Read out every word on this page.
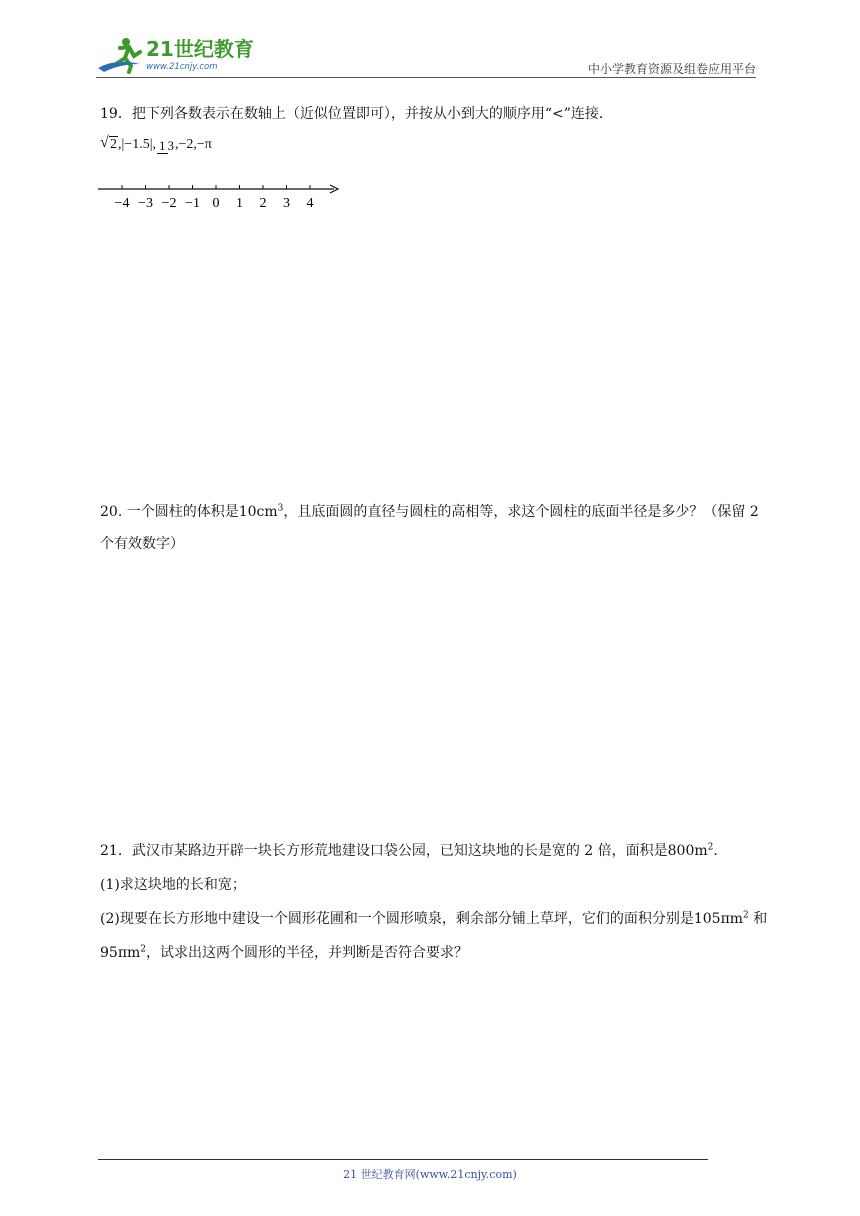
21世纪教育
www.21cnjy.com	中小学教育资源及组卷应用平台
19．把下列各数表示在数轴上（近似位置即可），并按从小到大的顺序用“<”连接．
√ 2,|−1.5|, 1 3,−2,−π
−4 −3 −2 −1 0 1 2 3 4
20. 一个圆柱的体积是$10cm^3$，且底面圆的直径与圆柱的高相等，求这个圆柱的底面半径是多少？（保留 2 个有效数字）
21．武汉市某路边开辟一块长方形荒地建设口袋公园，已知这块地的长是宽的 2 倍，面积是$800m^2$．
(1)求这块地的长和宽；
(2)现要在长方形地中建设一个圆形花圃和一个圆形喷泉，剩余部分铺上草坪，它们的面积分别是$105\pi m^2$ 和 $95\pi m^2$，试求出这两个圆形的半径，并判断是否符合要求？
21 世纪教育网(www.21cnjy.com)
